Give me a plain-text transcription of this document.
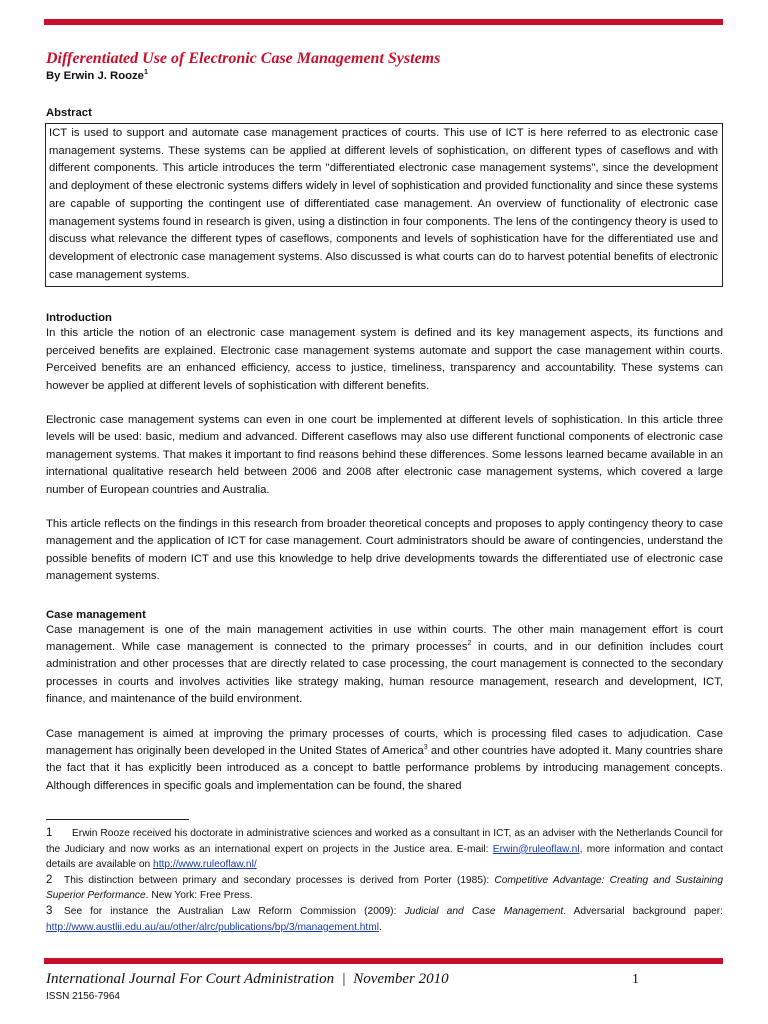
Differentiated Use of Electronic Case Management Systems

By Erwin J. Rooze$^1$

Abstract
ICT is used to support and automate case management practices of courts. This use of ICT is here referred to as electronic case management systems. These systems can be applied at different levels of sophistication, on different types of caseflows and with different components. This article introduces the term "differentiated electronic case management systems", since the development and deployment of these electronic systems differs widely in level of sophistication and provided functionality and since these systems are capable of supporting the contingent use of differentiated case management. An overview of functionality of electronic case management systems found in research is given, using a distinction in four components. The lens of the contingency theory is used to discuss what relevance the different types of caseflows, components and levels of sophistication have for the differentiated use and development of electronic case management systems. Also discussed is what courts can do to harvest potential benefits of electronic case management systems.
Introduction

In this article the notion of an electronic case management system is defined and its key management aspects, its functions and perceived benefits are explained. Electronic case management systems automate and support the case management within courts. Perceived benefits are an enhanced efficiency, access to justice, timeliness, transparency and accountability. These systems can however be applied at different levels of sophistication with different benefits.

Electronic case management systems can even in one court be implemented at different levels of sophistication. In this article three levels will be used: basic, medium and advanced. Different caseflows may also use different functional components of electronic case management systems. That makes it important to find reasons behind these differences. Some lessons learned became available in an international qualitative research held between 2006 and 2008 after electronic case management systems, which covered a large number of European countries and Australia.

This article reflects on the findings in this research from broader theoretical concepts and proposes to apply contingency theory to case management and the application of ICT for case management. Court administrators should be aware of contingencies, understand the possible benefits of modern ICT and use this knowledge to help drive developments towards the differentiated use of electronic case management systems.

Case management

Case management is one of the main management activities in use within courts. The other main management effort is court management. While case management is connected to the primary processes$^2$ in courts, and in our definition includes court administration and other processes that are directly related to case processing, the court management is connected to the secondary processes in courts and involves activities like strategy making, human resource management, research and development, ICT, finance, and maintenance of the build environment.

Case management is aimed at improving the primary processes of courts, which is processing filed cases to adjudication. Case management has originally been developed in the United States of America$^3$ and other countries have adopted it. Many countries share the fact that it has explicitly been introduced as a concept to battle performance problems by introducing management concepts. Although differences in specific goals and implementation can be found, the shared

1 Erwin Rooze received his doctorate in administrative sciences and worked as a consultant in ICT, as an adviser with the Netherlands Council for the Judiciary and now works as an international expert on projects in the Justice area. E-mail: Erwin@ruleoflaw.nl, more information and contact details are available on http://www.ruleoflaw.nl/

2 This distinction between primary and secondary processes is derived from Porter (1985): Competitive Advantage: Creating and Sustaining Superior Performance. New York: Free Press.

3 See for instance the Australian Law Reform Commission (2009): Judicial and Case Management. Adversarial background paper: http://www.austlii.edu.au/au/other/alrc/publications/bp/3/management.html.

International Journal For Court Administration  |  November 2010	1
ISSN 2156-7964
